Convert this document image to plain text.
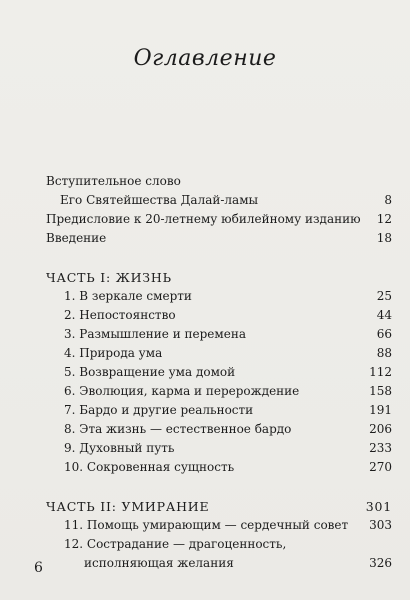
Оглавление
Вступительное слово
Его Святейшества Далай-ламы	8
Предисловие к 20-летнему юбилейному изданию	12
Введение	18
ЧАСТЬ I: ЖИЗНЬ
1. В зеркале смерти	25
2. Непостоянство	44
3. Размышление и перемена	66
4. Природа ума	88
5. Возвращение ума домой	112
6. Эволюция, карма и перерождение	158
7. Бардо и другие реальности	191
8. Эта жизнь — естественное бардо	206
9. Духовный путь	233
10. Сокровенная сущность	270
ЧАСТЬ II: УМИРАНИЕ	301
11. Помощь умирающим — сердечный совет	303
12. Сострадание — драгоценность,
исполняющая желания	326
6
